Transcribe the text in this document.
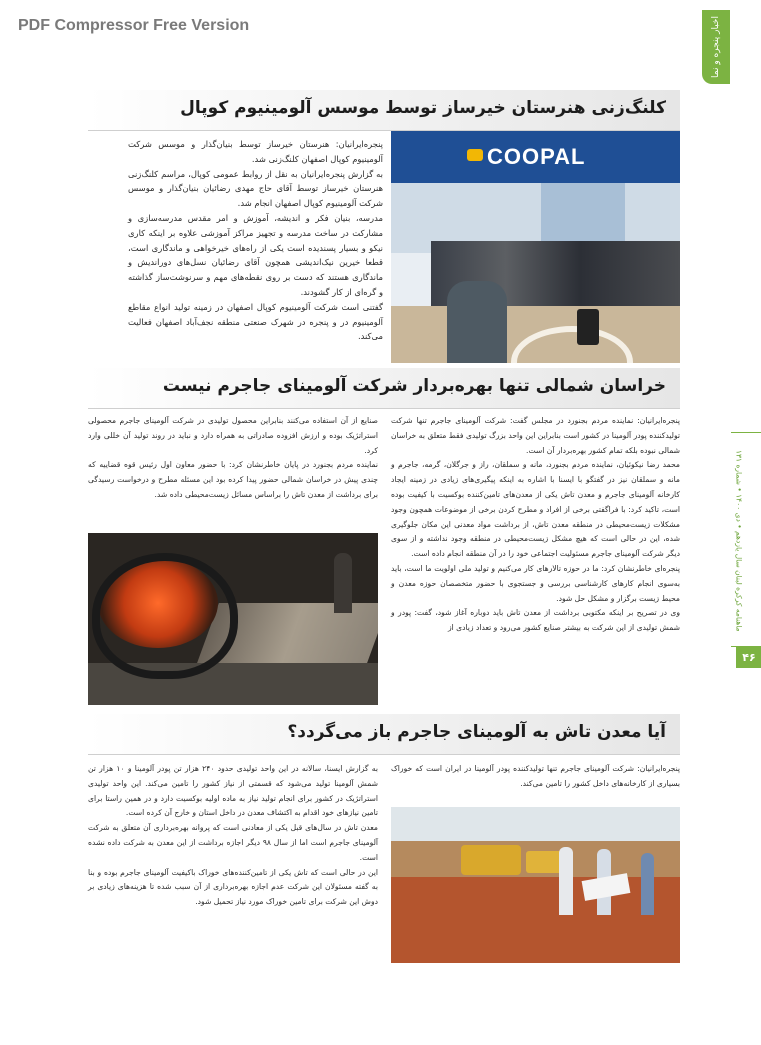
PDF Compressor Free Version	اخبار پنجره و نما
ماهنامه کرکره لبنان سال یازدهم • دی ۱۴۰۰ • شماره ۱۳۱
۴۶
کلنگ‌زنی هنرستان خیرساز توسط موسس آلومینیوم کوپال
COOPAL

پنجره‌ایرانیان: هنرستان خیرساز توسط بنیان‌گذار و موسس شرکت آلومینیوم کوپال اصفهان کلنگ‌زنی شد.

به گزارش پنجره‌ایرانیان به نقل از روابط عمومی کوپال، مراسم کلنگ‌زنی هنرستان خیرساز توسط آقای حاج مهدی رضائیان بنیان‌گذار و موسس شرکت آلومینیوم کوپال اصفهان انجام شد.

مدرسه، بنیان فکر و اندیشه، آموزش و امر مقدس مدرسه‌سازی و مشارکت در ساخت مدرسه و تجهیز مراکز آموزشی علاوه بر اینکه کاری نیکو و بسیار پسندیده است یکی از راه‌های خیرخواهی و ماندگاری است، قطعا خیرین نیک‌اندیشی همچون آقای رضائیان نسل‌های دوراندیش و ماندگاری هستند که دست بر روی نقطه‌های مهم و سرنوشت‌ساز گذاشته و گره‌ای از کار گشودند.

گفتنی است شرکت آلومینیوم کوپال اصفهان در زمینه تولید انواع مقاطع آلومینیوم در و پنجره در شهرک صنعتی منطقه نجف‌آباد اصفهان فعالیت می‌کند.

خراسان شمالی تنها بهره‌بردار شرکت آلومینای جاجرم نیست

پنجره‌ایرانیان: نماینده مردم بجنورد در مجلس گفت: شرکت آلومینای جاجرم تنها شرکت تولیدکننده پودر آلومینا در کشور است بنابراین این واحد بزرگ تولیدی فقط متعلق به خراسان شمالی نبوده بلکه تمام کشور بهره‌بردار آن است.

محمد رضا نیکوئیان، نماینده مردم بجنورد، مانه و سملقان، راز و جرگلان، گرمه، جاجرم و مانه و سملقان نیز در گفتگو با ایسنا با اشاره به اینکه پیگیری‌های زیادی در زمینه ایجاد کارخانه آلومینای جاجرم و معدن تاش یکی از معدن‌های تامین‌کننده بوکسیت با کیفیت بوده است، تاکید کرد: با فراگفتی برخی از افراد و مطرح کردن برخی از موضوعات همچون وجود مشکلات زیست‌محیطی در منطقه معدن تاش، از برداشت مواد معدنی این مکان جلوگیری شده، این در حالی است که هیچ مشکل زیست‌محیطی در منطقه وجود نداشته و از سوی دیگر شرکت آلومینای جاجرم مسئولیت اجتماعی خود را در آن منطقه انجام داده است.

پنجره‌ای خاطرنشان کرد: ما در حوزه تالارهای کار می‌کنیم و تولید ملی اولویت ما است، باید به‌سوی انجام کارهای کارشناسی بررسی و جستجوی با حضور متخصصان حوزه معدن و محیط زیست برگزار و مشکل حل شود.

وی در تصریح بر اینکه مکتوبی برداشت از معدن تاش باید دوباره آغاز شود، گفت: پودر و شمش تولیدی از این شرکت به بیشتر صنایع کشور می‌رود و تعداد زیادی از

صنایع از آن استفاده می‌کنند بنابراین محصول تولیدی در شرکت آلومینای جاجرم محصولی استراتژیک بوده و ارزش افزوده صادراتی به همراه دارد و نباید در روند تولید آن خللی وارد کرد.

نماینده مردم بجنورد در پایان خاطرنشان کرد: با حضور معاون اول رئیس قوه قضاییه که چندی پیش در خراسان شمالی حضور پیدا کرده بود این مسئله مطرح و درخواست رسیدگی برای برداشت از معدن تاش را براساس مسائل زیست‌محیطی داده شد.

آیا معدن تاش به آلومینای جاجرم باز می‌گردد؟

پنجره‌ایرانیان: شرکت آلومینای جاجرم تنها تولیدکننده پودر آلومینا در ایران است که خوراک بسیاری از کارخانه‌های داخل کشور را تامین می‌کند.

به گزارش ایسنا، سالانه در این واحد تولیدی حدود ۲۴۰ هزار تن پودر آلومینا و ۱۰ هزار تن شمش آلومینا تولید می‌شود که قسمتی از نیاز کشور را تامین می‌کند. این واحد تولیدی استراتژیک در کشور برای انجام تولید نیاز به ماده اولیه بوکسیت دارد و در همین راستا برای تامین نیازهای خود اقدام به اکتشاف معدن در داخل استان و خارج آن کرده است.

معدن تاش در سال‌های قبل یکی از معادنی است که پروانه بهره‌برداری آن متعلق به شرکت آلومینای جاجرم است اما از سال ۹۸ دیگر اجازه برداشت از این معدن به شرکت داده نشده است.

این در حالی است که تاش یکی از تامین‌کننده‌های خوراک باکیفیت آلومینای جاجرم بوده و بنا به گفته مسئولان این شرکت عدم اجازه بهره‌برداری از آن سبب شده تا هزینه‌های زیادی بر دوش این شرکت برای تامین خوراک مورد نیاز تحمیل شود.
